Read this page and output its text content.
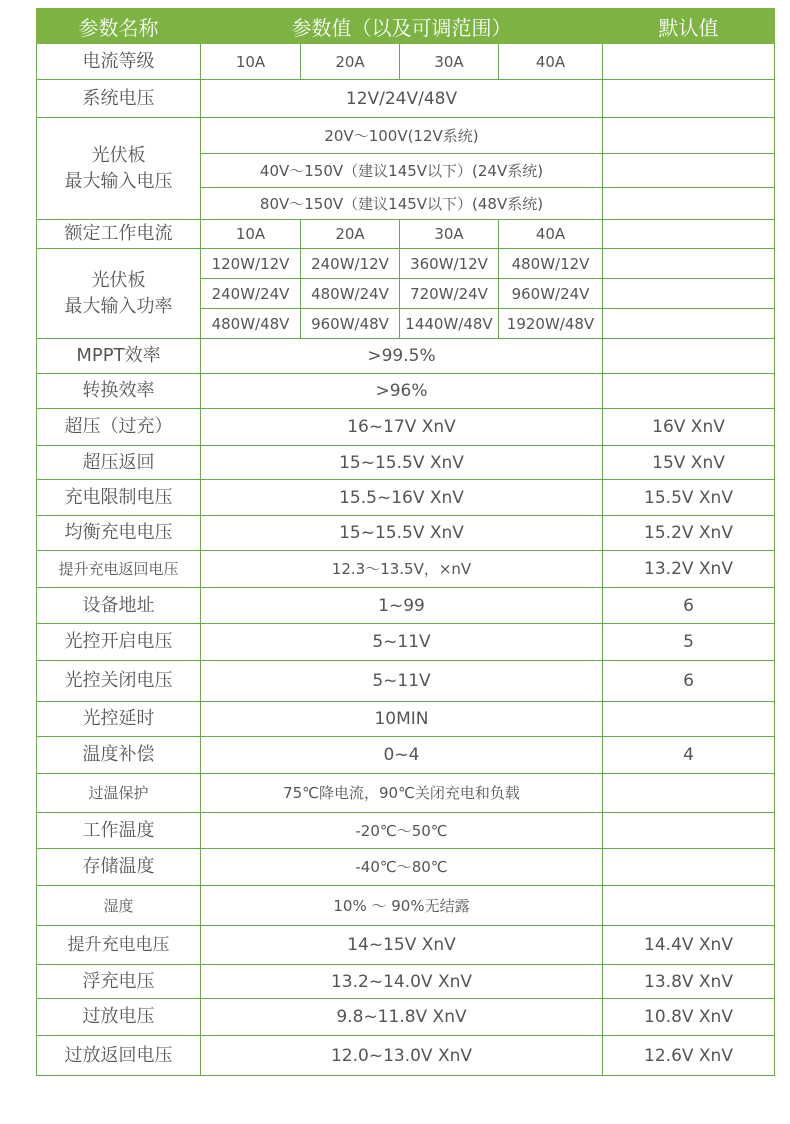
参数名称	参数值（以及可调范围）				默认值
电流等级	10A	20A	30A	40A	
系统电压	12V/24V/48V				

光伏板
最大输入电压	20V～100V(12V系统)				
	40V～150V（建议145V以下）(24V系统)				
	80V～150V（建议145V以下）(48V系统)				
额定工作电流	10A	20A	30A	40A	

光伏板
最大输入功率	120W/12V	240W/12V	360W/12V	480W/12V	
	240W/24V	480W/24V	720W/24V	960W/24V	
	480W/48V	960W/48V	1440W/48V	1920W/48V	
MPPT效率	>99.5%				
转换效率	>96%				
超压（过充）	16~17V XnV				16V XnV
超压返回	15~15.5V XnV				15V XnV
充电限制电压	15.5~16V XnV				15.5V XnV
均衡充电电压	15~15.5V XnV				15.2V XnV
提升充电返回电压	12.3～13.5V，×nV				13.2V XnV
设备地址	1~99				6
光控开启电压	5~11V				5
光控关闭电压	5~11V				6
光控延时	10MIN				
温度补偿	0~4				4
过温保护	75℃降电流，90℃关闭充电和负载				
工作温度	-20℃～50℃				
存储温度	-40℃～80℃				
湿度	10% ～ 90%无结露				
提升充电电压	14~15V XnV				14.4V XnV
浮充电压	13.2~14.0V XnV				13.8V XnV
过放电压	9.8~11.8V XnV				10.8V XnV
过放返回电压	12.0~13.0V XnV				12.6V XnV
